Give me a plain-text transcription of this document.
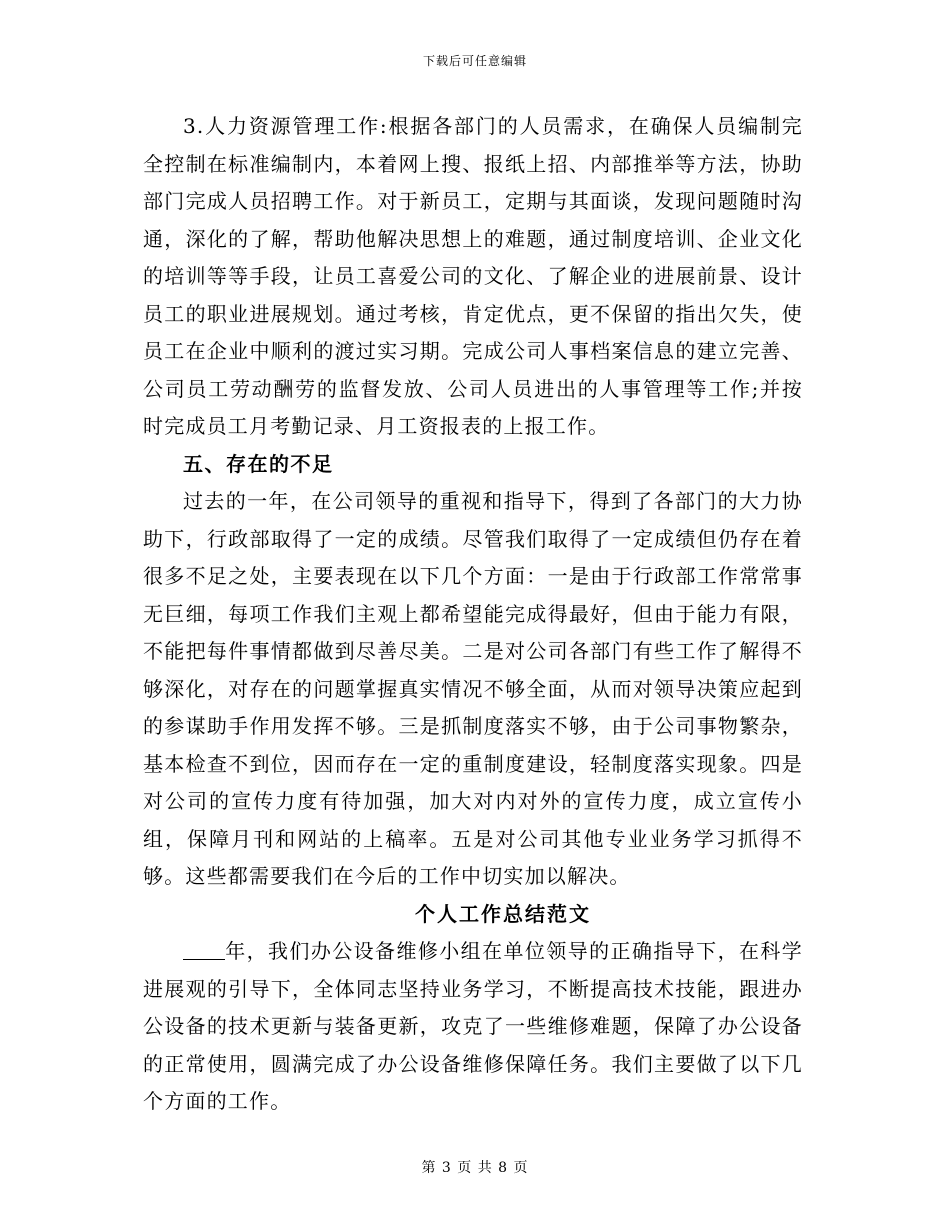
下载后可任意编辑

3.人力资源管理工作:根据各部门的人员需求，在确保人员编制完全控制在标准编制内，本着网上搜、报纸上招、内部推举等方法，协助部门完成人员招聘工作。对于新员工，定期与其面谈，发现问题随时沟通，深化的了解，帮助他解决思想上的难题，通过制度培训、企业文化的培训等等手段，让员工喜爱公司的文化、了解企业的进展前景、设计员工的职业进展规划。通过考核，肯定优点，更不保留的指出欠失，使员工在企业中顺利的渡过实习期。完成公司人事档案信息的建立完善、公司员工劳动酬劳的监督发放、公司人员进出的人事管理等工作;并按时完成员工月考勤记录、月工资报表的上报工作。

五、存在的不足

过去的一年，在公司领导的重视和指导下，得到了各部门的大力协助下，行政部取得了一定的成绩。尽管我们取得了一定成绩但仍存在着很多不足之处，主要表现在以下几个方面：一是由于行政部工作常常事无巨细，每项工作我们主观上都希望能完成得最好，但由于能力有限，不能把每件事情都做到尽善尽美。二是对公司各部门有些工作了解得不够深化，对存在的问题掌握真实情况不够全面，从而对领导决策应起到的参谋助手作用发挥不够。三是抓制度落实不够，由于公司事物繁杂，基本检查不到位，因而存在一定的重制度建设，轻制度落实现象。四是对公司的宣传力度有待加强，加大对内对外的宣传力度，成立宣传小组，保障月刊和网站的上稿率。五是对公司其他专业业务学习抓得不够。这些都需要我们在今后的工作中切实加以解决。

个人工作总结范文

年，我们办公设备维修小组在单位领导的正确指导下，在科学进展观的引导下，全体同志坚持业务学习，不断提高技术技能，跟进办公设备的技术更新与装备更新，攻克了一些维修难题，保障了办公设备的正常使用，圆满完成了办公设备维修保障任务。我们主要做了以下几个方面的工作。

第 3 页 共 8 页
